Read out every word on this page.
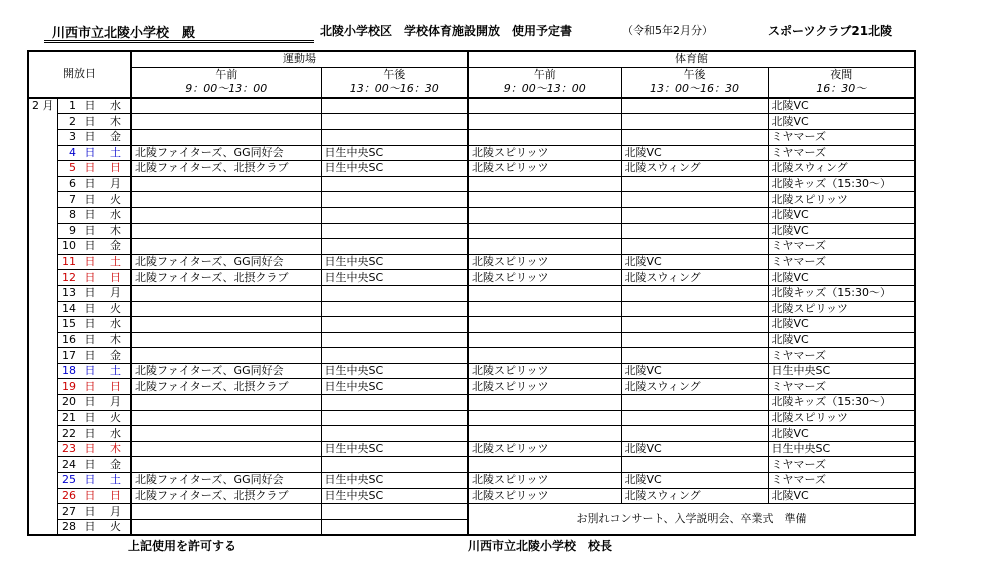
川西市立北陵小学校　殿	北陵小学校区　学校体育施設開放　使用予定書	（令和5年2月分）	スポーツクラブ21北陵
開放日				運動場		体育館		
				午前	午後	午前	午後	夜間
				9：00～13：00	13：00～16：30	9：00～13：00	13：00～16：30	16：30～
2 月	1	日	水					北陵VC
	2	日	木					北陵VC
	3	日	金					ミヤマーズ
	4	日	土	北陵ファイターズ、GG同好会	日生中央SC	北陵スピリッツ	北陵VC	ミヤマーズ
	5	日	日	北陵ファイターズ、北摂クラブ	日生中央SC	北陵スピリッツ	北陵スウィング	北陵スウィング
	6	日	月					北陵キッズ（15:30～）
	7	日	火					北陵スピリッツ
	8	日	水					北陵VC
	9	日	木					北陵VC
	10	日	金					ミヤマーズ
	11	日	土	北陵ファイターズ、GG同好会	日生中央SC	北陵スピリッツ	北陵VC	ミヤマーズ
	12	日	日	北陵ファイターズ、北摂クラブ	日生中央SC	北陵スピリッツ	北陵スウィング	北陵VC
	13	日	月					北陵キッズ（15:30～）
	14	日	火					北陵スピリッツ
	15	日	水					北陵VC
	16	日	木					北陵VC
	17	日	金					ミヤマーズ
	18	日	土	北陵ファイターズ、GG同好会	日生中央SC	北陵スピリッツ	北陵VC	日生中央SC
	19	日	日	北陵ファイターズ、北摂クラブ	日生中央SC	北陵スピリッツ	北陵スウィング	ミヤマーズ
	20	日	月					北陵キッズ（15:30～）
	21	日	火					北陵スピリッツ
	22	日	水					北陵VC
	23	日	木		日生中央SC	北陵スピリッツ	北陵VC	日生中央SC
	24	日	金					ミヤマーズ
	25	日	土	北陵ファイターズ、GG同好会	日生中央SC	北陵スピリッツ	北陵VC	ミヤマーズ
	26	日	日	北陵ファイターズ、北摂クラブ	日生中央SC	北陵スピリッツ	北陵スウィング	北陵VC
	27	日	月			お別れコンサート、入学説明会、卒業式　準備		
	28	日	火					
上記使用を許可する	川西市立北陵小学校　校長
